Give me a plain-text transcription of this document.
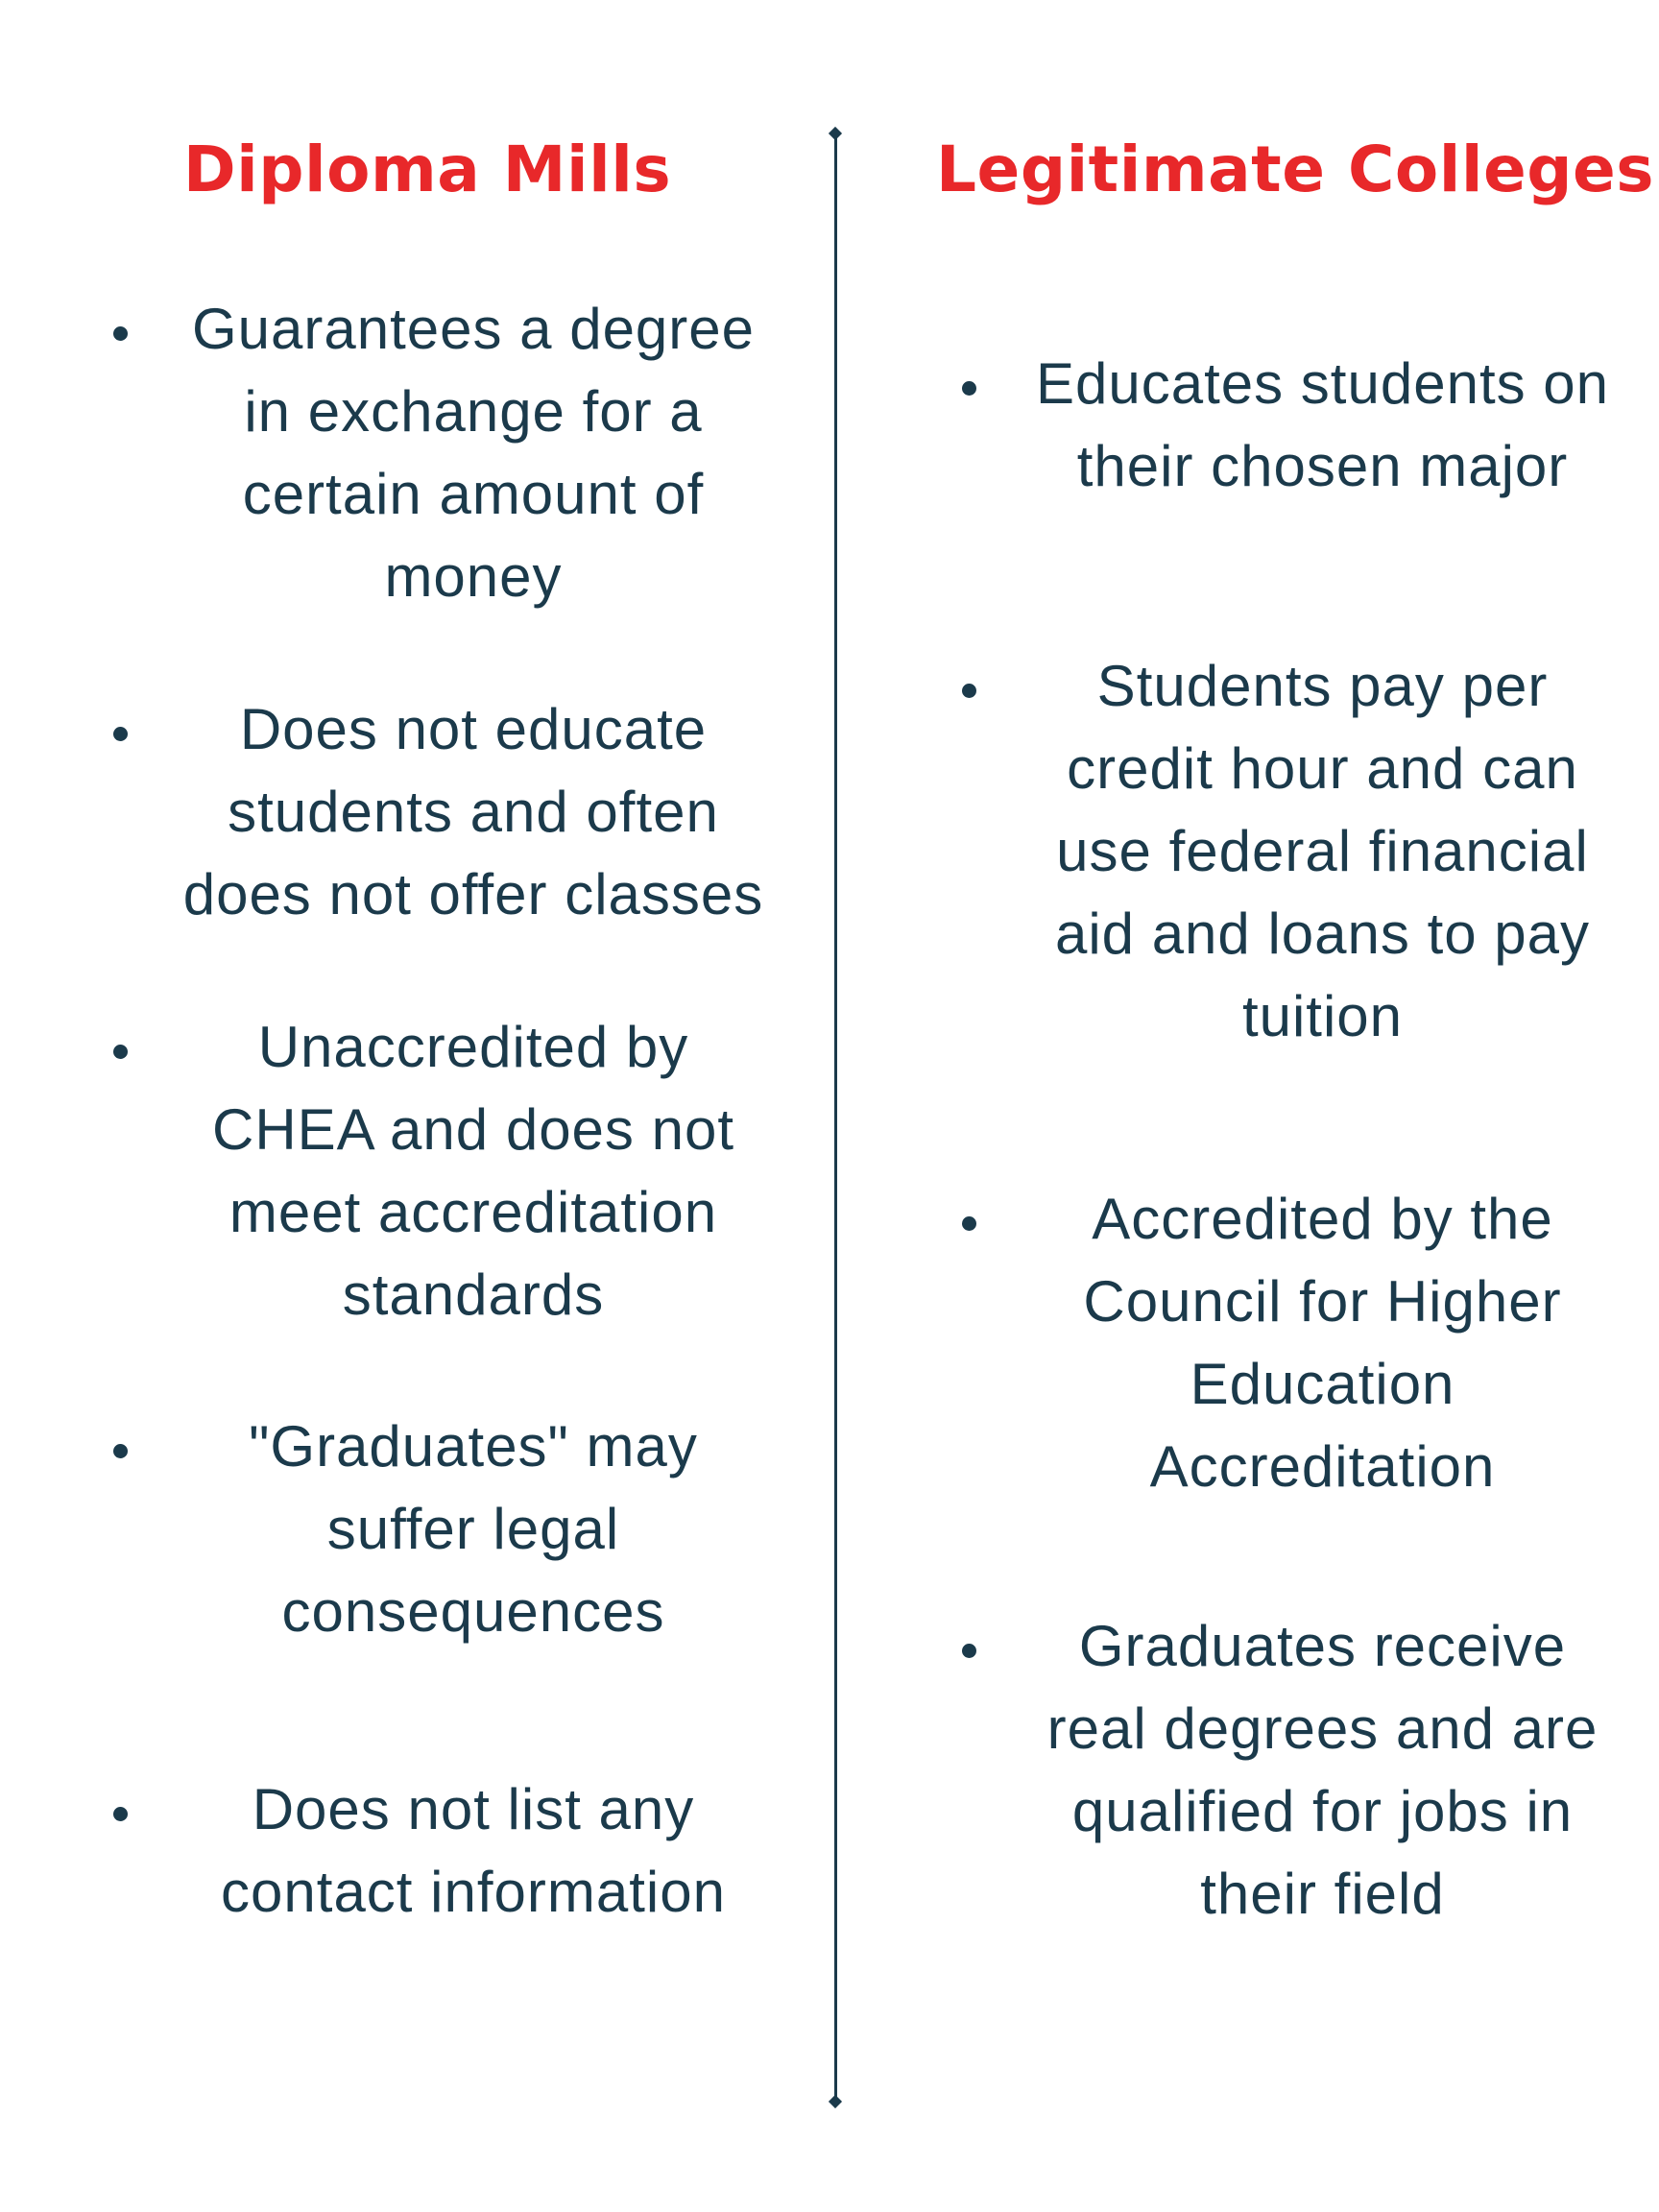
Diploma Mills	Legitimate Colleges

Guarantees a degree
in exchange for a
certain amount of
money

Does not educate
students and often
does not offer classes

Unaccredited by
CHEA and does not
meet accreditation
standards

"Graduates" may
suffer legal
consequences

Does not list any
contact information

Educates students on
their chosen major

Students pay per
credit hour and can
use federal financial
aid and loans to pay
tuition

Accredited by the
Council for Higher
Education
Accreditation

Graduates receive
real degrees and are
qualified for jobs in
their field
